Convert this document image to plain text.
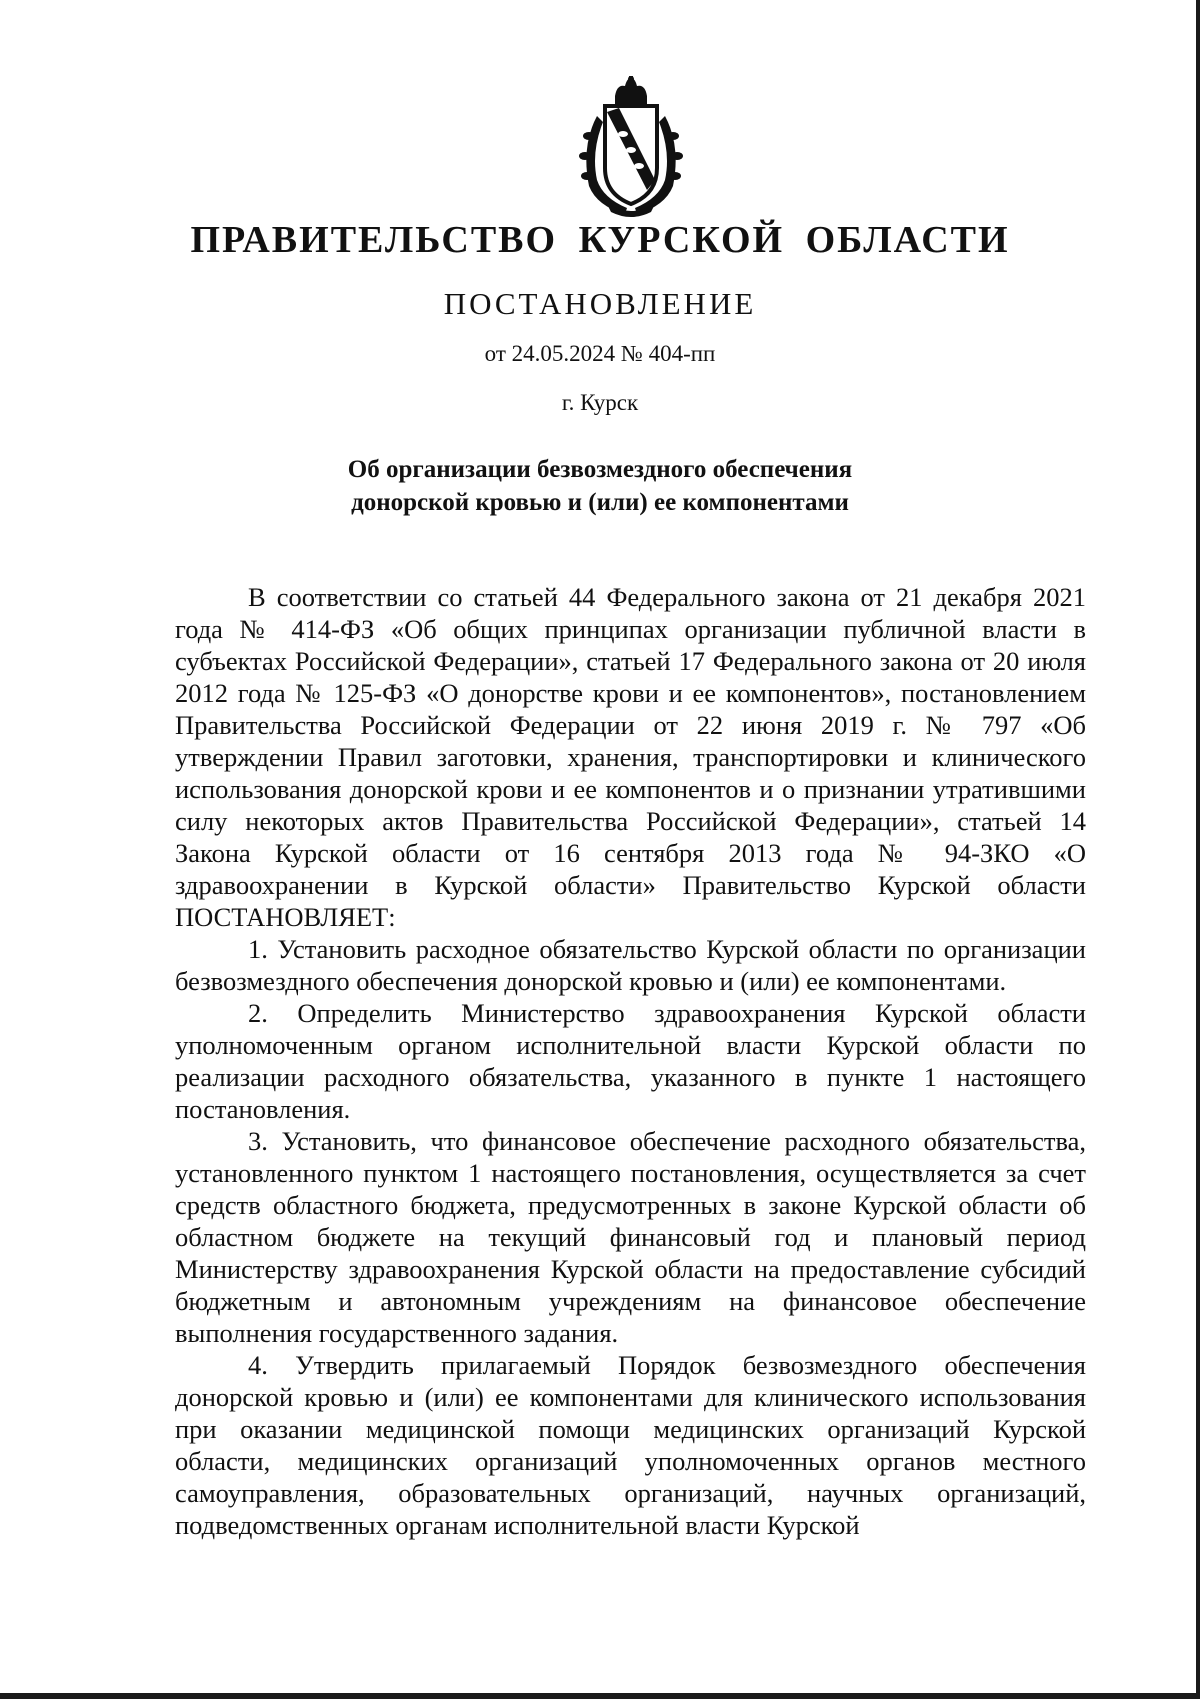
ПРАВИТЕЛЬСТВО КУРСКОЙ ОБЛАСТИ
ПОСТАНОВЛЕНИЕ
от 24.05.2024 № 404-пп
г. Курск
Об организации безвозмездного обеспечения
донорской кровью и (или) ее компонентами

В соответствии со статьей 44 Федерального закона от 21 декабря 2021 года № 414-ФЗ «Об общих принципах организации публичной власти в субъектах Российской Федерации», статьей 17 Федерального закона от 20 июля 2012 года № 125-ФЗ «О донорстве крови и ее компонентов», постановлением Правительства Российской Федерации от 22 июня 2019 г. № 797 «Об утверждении Правил заготовки, хранения, транспортировки и клинического использования донорской крови и ее компонентов и о признании утратившими силу некоторых актов Правительства Российской Федерации», статьей 14 Закона Курской области от 16 сентября 2013 года № 94-ЗКО «О здравоохранении в Курской области» Правительство Курской области ПОСТАНОВЛЯЕТ:

1. Установить расходное обязательство Курской области по организации безвозмездного обеспечения донорской кровью и (или) ее компонентами.

2. Определить Министерство здравоохранения Курской области уполномоченным органом исполнительной власти Курской области по реализации расходного обязательства, указанного в пункте 1 настоящего постановления.

3. Установить, что финансовое обеспечение расходного обязательства, установленного пунктом 1 настоящего постановления, осуществляется за счет средств областного бюджета, предусмотренных в законе Курской области об областном бюджете на текущий финансовый год и плановый период Министерству здравоохранения Курской области на предоставление субсидий бюджетным и автономным учреждениям на финансовое обеспечение выполнения государственного задания.

4. Утвердить прилагаемый Порядок безвозмездного обеспечения донорской кровью и (или) ее компонентами для клинического использования при оказании медицинской помощи медицинских организаций Курской области, медицинских организаций уполномоченных органов местного самоуправления, образовательных организаций, научных организаций, подведомственных органам исполнительной власти Курской
